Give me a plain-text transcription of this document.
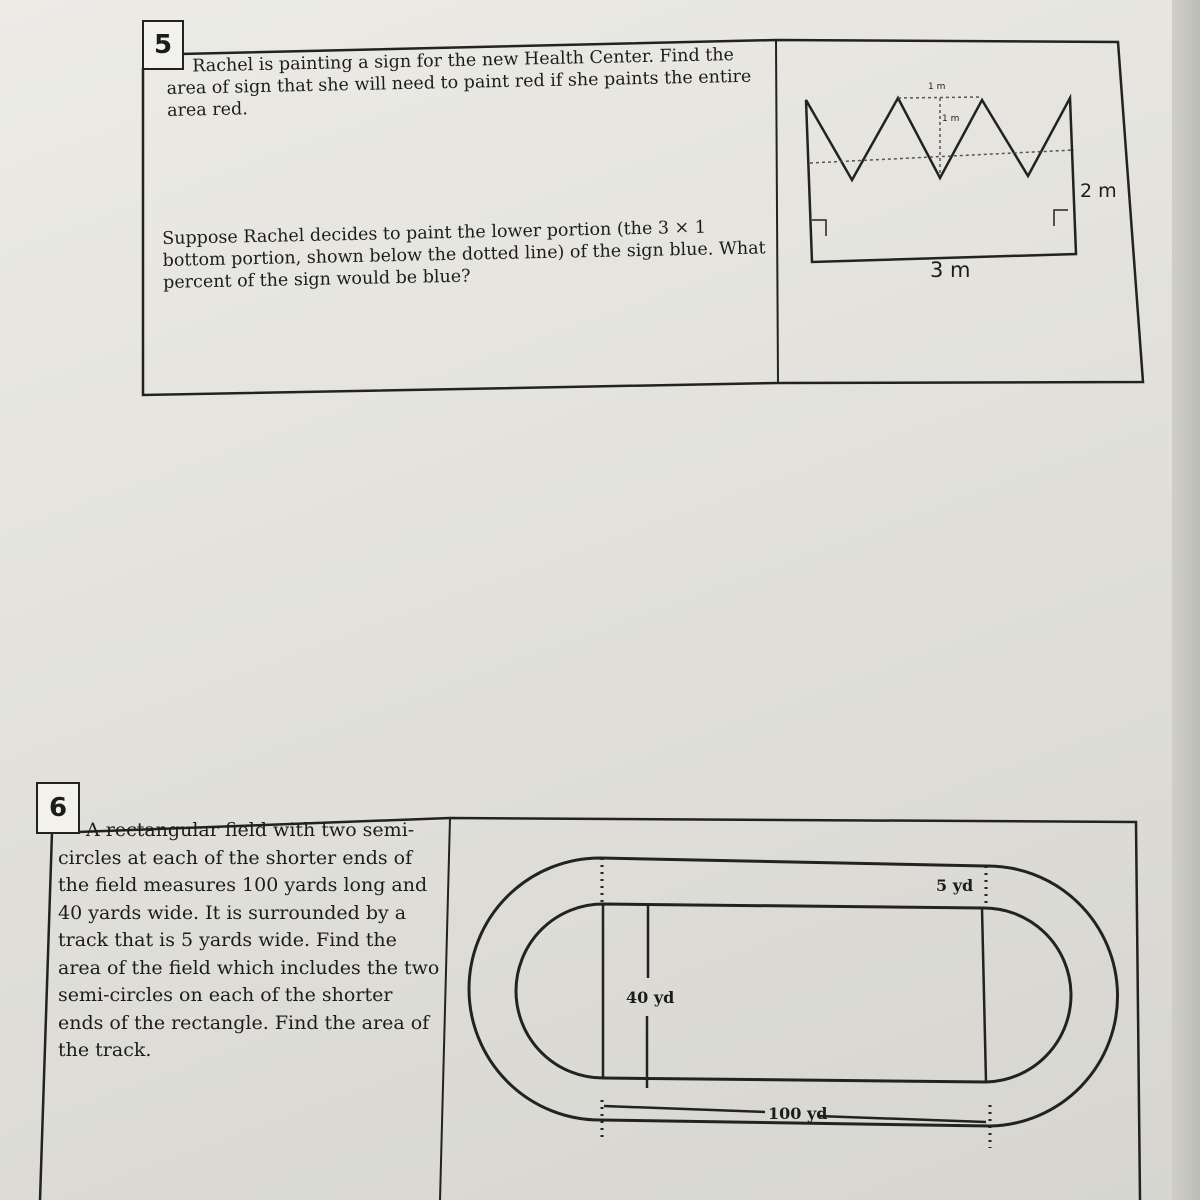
5
Rachel is painting a sign for the new Health Center. Find the area of sign that she will need to paint red if she paints the entire area red.
Suppose Rachel decides to paint the lower portion (the 3 × 1 bottom portion, shown below the dotted line) of the sign blue. What percent of the sign would be blue?
1 m
1 m
2 m
3 m
6
A rectangular field with two semi-circles at each of the shorter ends of the field measures 100 yards long and 40 yards wide. It is surrounded by a track that is 5 yards wide. Find the area of the field which includes the two semi-circles on each of the shorter ends of the rectangle. Find the area of the track.
40 yd
100 yd
5 yd
